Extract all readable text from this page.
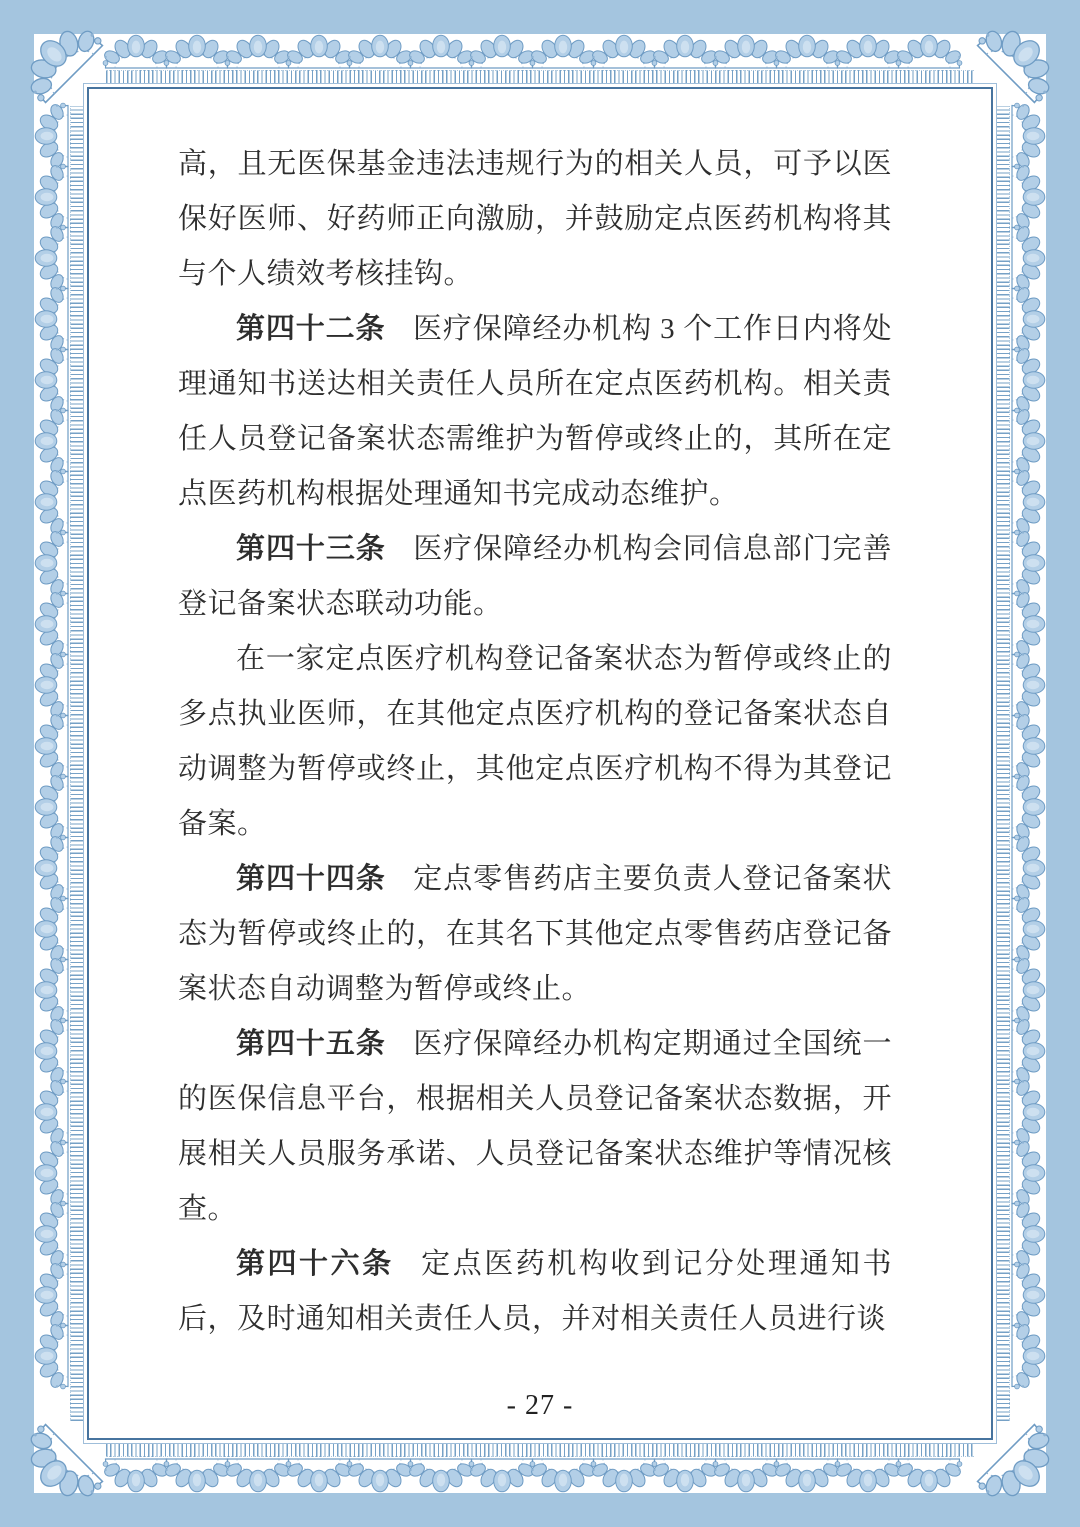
高，且无医保基金违法违规行为的相关人员，可予以医保好医师、好药师正向激励，并鼓励定点医药机构将其与个人绩效考核挂钩。

第四十二条 医疗保障经办机构 3 个工作日内将处理通知书送达相关责任人员所在定点医药机构。相关责任人员登记备案状态需维护为暂停或终止的，其所在定点医药机构根据处理通知书完成动态维护。

第四十三条 医疗保障经办机构会同信息部门完善登记备案状态联动功能。

在一家定点医疗机构登记备案状态为暂停或终止的多点执业医师，在其他定点医疗机构的登记备案状态自动调整为暂停或终止，其他定点医疗机构不得为其登记备案。

第四十四条 定点零售药店主要负责人登记备案状态为暂停或终止的，在其名下其他定点零售药店登记备案状态自动调整为暂停或终止。

第四十五条 医疗保障经办机构定期通过全国统一的医保信息平台，根据相关人员登记备案状态数据，开展相关人员服务承诺、人员登记备案状态维护等情况核查。

第四十六条 定点医药机构收到记分处理通知书后，及时通知相关责任人员，并对相关责任人员进行谈

- 27 -
